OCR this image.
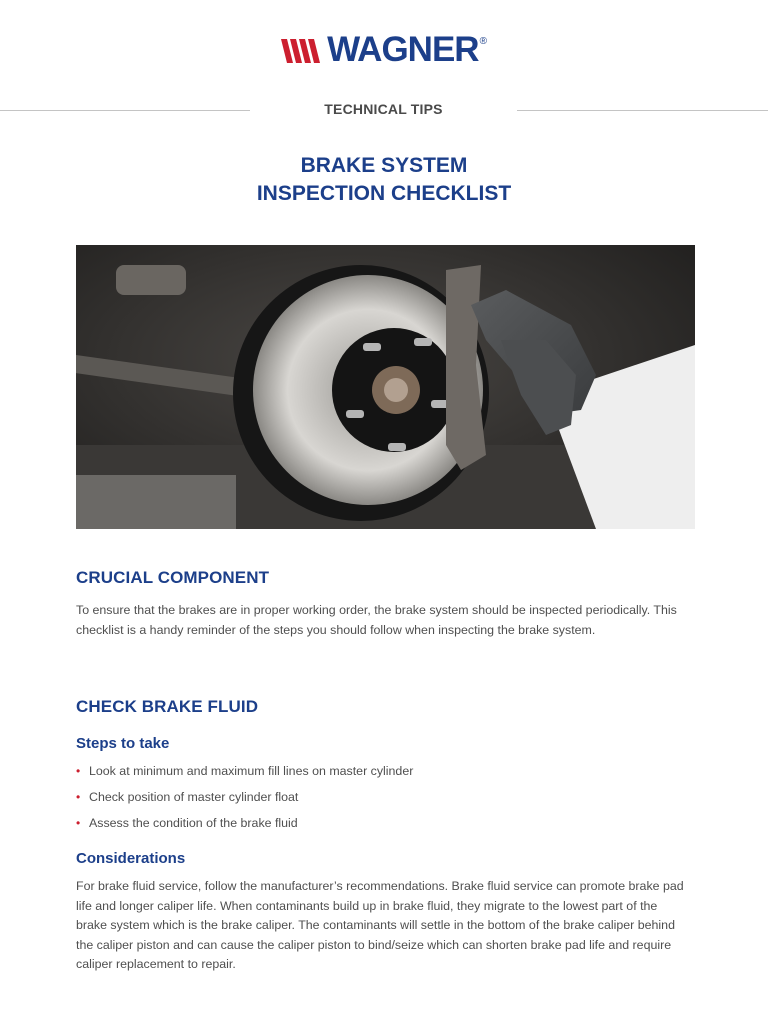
WAGNER ®
TECHNICAL TIPS
BRAKE SYSTEM
INSPECTION CHECKLIST
CRUCIAL COMPONENT
To ensure that the brakes are in proper working order, the brake system should be inspected periodically. This checklist is a handy reminder of the steps you should follow when inspecting the brake system.
CHECK BRAKE FLUID
Steps to take
• Look at minimum and maximum fill lines on master cylinder
• Check position of master cylinder float
• Assess the condition of the brake fluid
Considerations
For brake fluid service, follow the manufacturer’s recommendations. Brake fluid service can promote brake pad life and longer caliper life. When contaminants build up in brake fluid, they migrate to the lowest part of the brake system which is the brake caliper. The contaminants will settle in the bottom of the brake caliper behind the caliper piston and can cause the caliper piston to bind/seize which can shorten brake pad life and require caliper replacement to repair.
